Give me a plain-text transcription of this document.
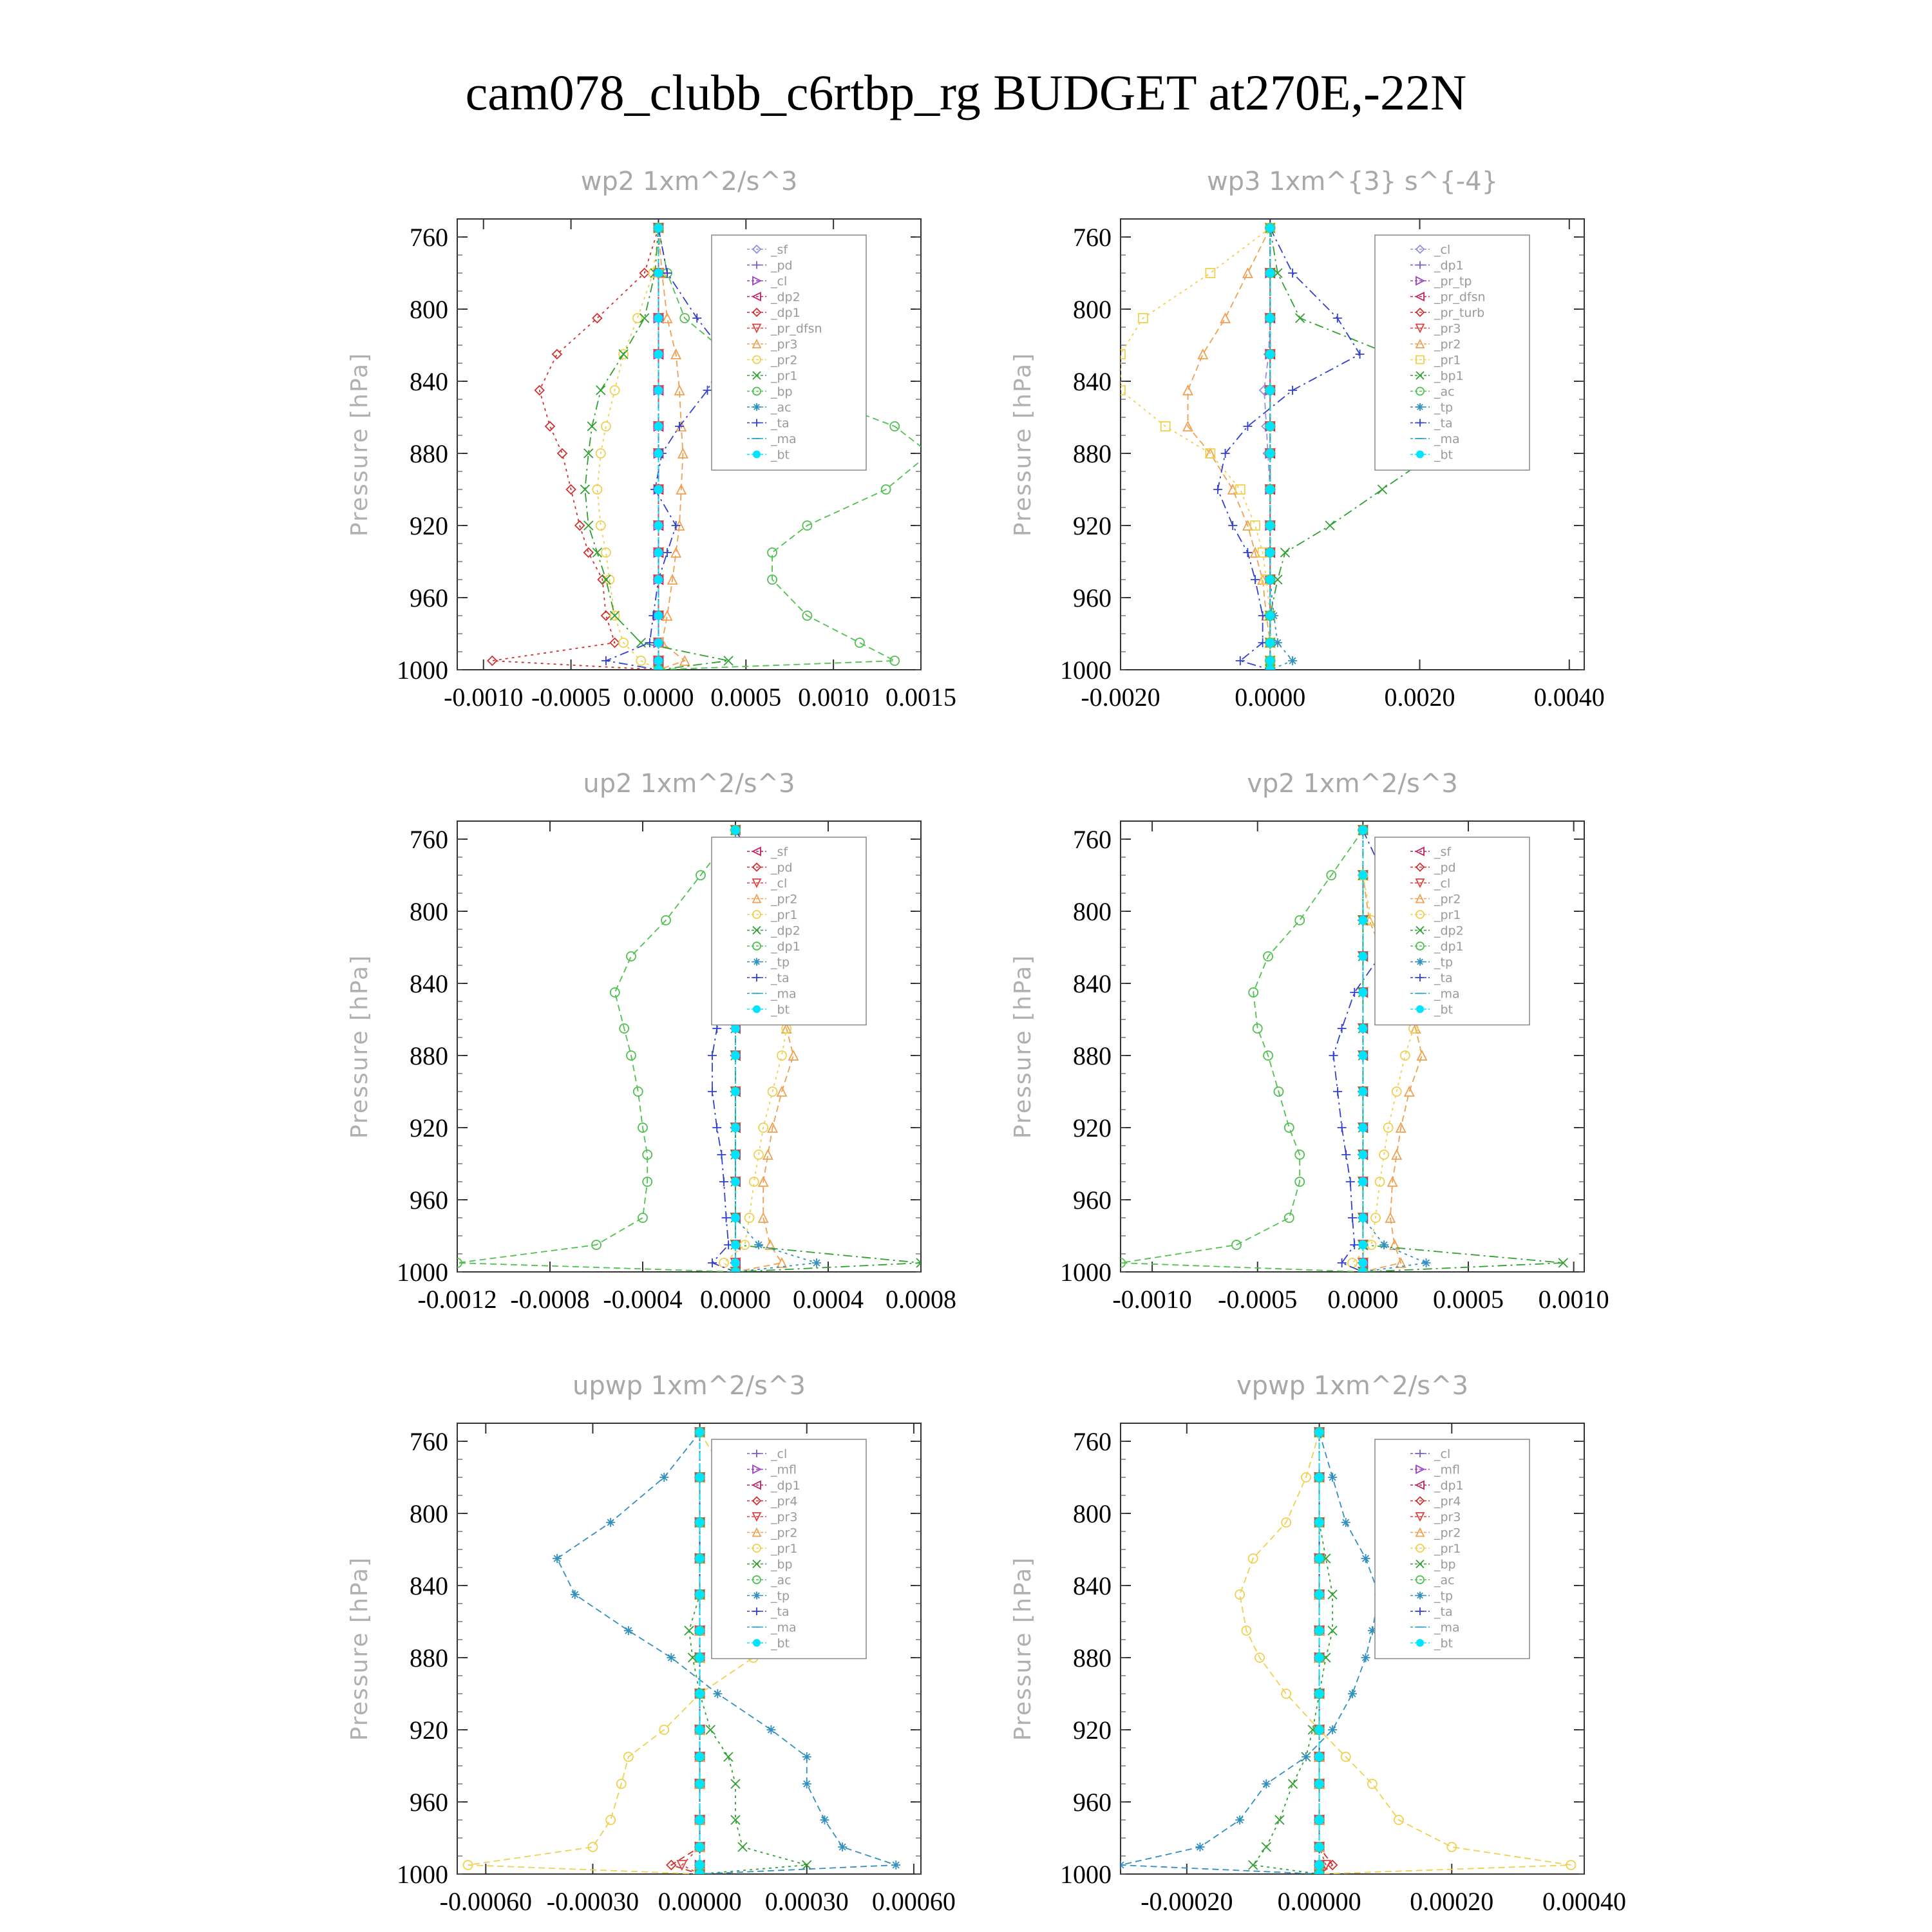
cam078_clubb_c6rtbp_rg BUDGET at270E,-22N
wp2 1xm^2/s^3
760
800
840
880
920
960
1000
-0.0010 -0.0005 0.0000 0.0005 0.0010 0.0015
Pressure [hPa]
_sf
_pd
_cl
_dp2
_dp1
_pr_dfsn
_pr3
_pr2
_pr1
_bp
_ac
_ta
_ma
_bt
wp3 1xm^{3} s^{-4}
760
800
840
880
920
960
1000
-0.0020	0.0000	0.0020	0.0040
Pressure [hPa]
_cl
_dp1
_pr_tp
_pr_dfsn
_pr_turb
_pr3
_pr2
_pr1
_bp1
_ac
_tp
_ta
_ma
_bt
up2 1xm^2/s^3
760
800
840
880
920
960
1000
-0.0012 -0.0008 -0.0004 0.0000 0.0004 0.0008
Pressure [hPa]
_sf
_pd
_cl
_pr2
_pr1
_dp2
_dp1
_tp
_ta
_ma
_bt
vp2 1xm^2/s^3
760
800
840
880
920
960
1000
-0.0010 -0.0005 0.0000 0.0005 0.0010
Pressure [hPa]
_sf
_pd
_cl
_pr2
_pr1
_dp2
_dp1
_tp
_ta
_ma
_bt
upwp 1xm^2/s^3
760
800
840
880
920
960
1000
-0.00060 -0.00030 0.00000 0.00030 0.00060
Pressure [hPa]
_cl
_mfl
_dp1
_pr4
_pr3
_pr2
_pr1
_bp
_ac
_tp
_ta
_ma
_bt
vpwp 1xm^2/s^3
760
800
840
880
920
960
1000
-0.00020 0.00000 0.00020 0.00040
Pressure [hPa]
_cl
_mfl
_dp1
_pr4
_pr3
_pr2
_pr1
_bp
_ac
_tp
_ta
_ma
_bt
